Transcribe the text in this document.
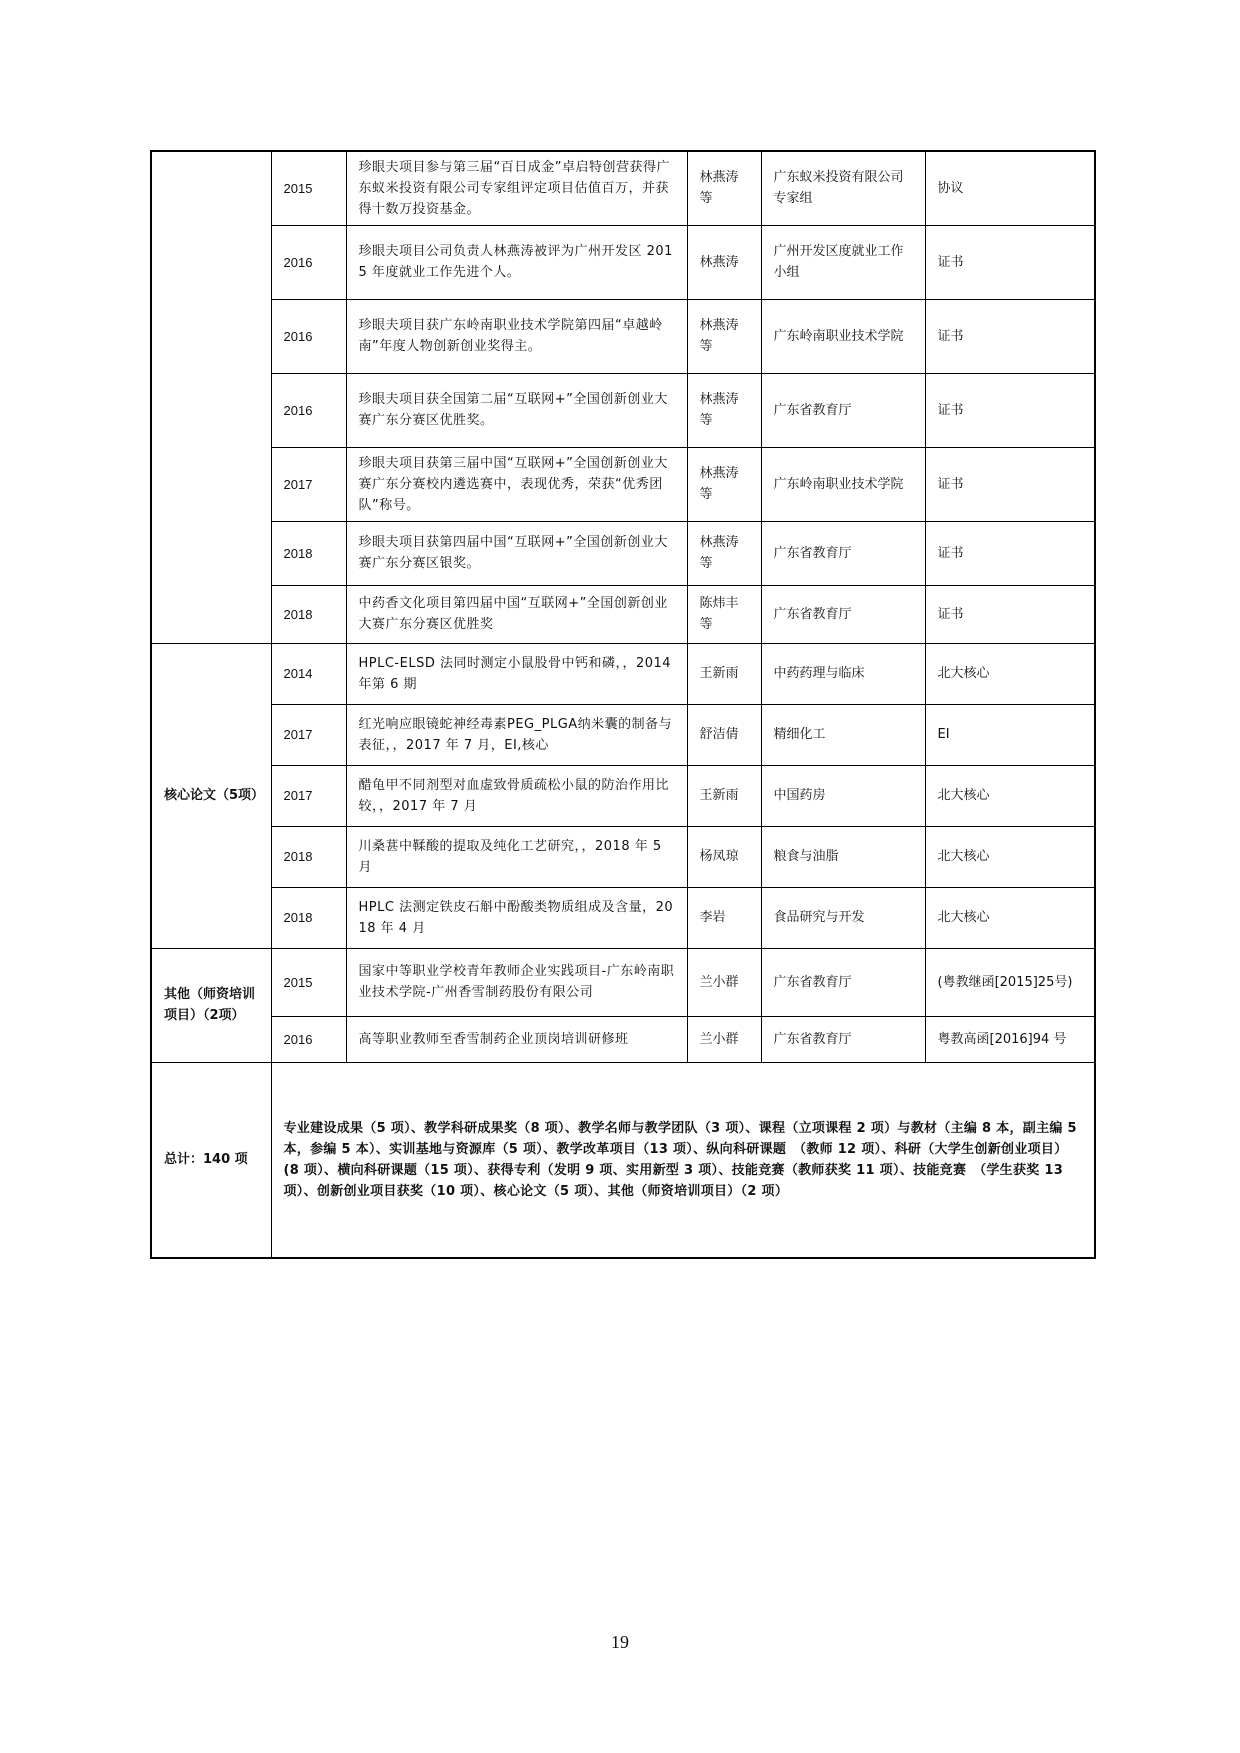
	2015	珍眼夫项目参与第三届“百日成金”卓启特创营获得广东蚁米投资有限公司专家组评定项目估值百万，并获得十数万投资基金。	林燕涛等	广东蚁米投资有限公司专家组	协议
	2016	珍眼夫项目公司负责人林燕涛被评为广州开发区 2015 年度就业工作先进个人。	林燕涛	广州开发区度就业工作小组	证书
	2016	珍眼夫项目获广东岭南职业技术学院第四届“卓越岭南”年度人物创新创业奖得主。	林燕涛等	广东岭南职业技术学院	证书
	2016	珍眼夫项目获全国第二届“互联网+”全国创新创业大赛广东分赛区优胜奖。	林燕涛等	广东省教育厅	证书
	2017	珍眼夫项目获第三届中国“互联网+”全国创新创业大赛广东分赛校内遴选赛中，表现优秀，荣获“优秀团队”称号。	林燕涛等	广东岭南职业技术学院	证书
	2018	珍眼夫项目获第四届中国“互联网+”全国创新创业大赛广东分赛区银奖。	林燕涛等	广东省教育厅	证书
	2018	中药香文化项目第四届中国“互联网+”全国创新创业大赛广东分赛区优胜奖	陈炜丰等	广东省教育厅	证书
核心论文（5项）	2014	HPLC-ELSD 法同时测定小鼠股骨中钙和磷，，2014 年第 6 期	王新雨	中药药理与临床	北大核心
	2017	红光响应眼镜蛇神经毒素PEG_PLGA纳米囊的制备与表征，，2017 年 7 月，EI,核心	舒洁倩	精细化工	EI
	2017	醋龟甲不同剂型对血虚致骨质疏松小鼠的防治作用比较，，2017 年 7 月	王新雨	中国药房	北大核心
	2018	川桑葚中鞣酸的提取及纯化工艺研究，，2018 年 5 月	杨凤琼	粮食与油脂	北大核心
	2018	HPLC 法测定铁皮石斛中酚酸类物质组成及含量，2018 年 4 月	李岩	食品研究与开发	北大核心
其他（师资培训项目）（2项）	2015	国家中等职业学校青年教师企业实践项目-广东岭南职业技术学院-广州香雪制药股份有限公司	兰小群	广东省教育厅	(粤教继函[2015]25号)
	2016	高等职业教师至香雪制药企业顶岗培训研修班	兰小群	广东省教育厅	粤教高函[2016]94 号
总计：140 项	专业建设成果（5 项）、教学科研成果奖（8 项）、教学名师与教学团队（3 项）、课程（立项课程 2 项）与教材（主编 8 本，副主编 5 本，参编 5 本）、实训基地与资源库（5 项）、教学改革项目（13 项）、纵向科研课题　（教师 12 项）、科研（大学生创新创业项目）(8 项）、横向科研课题（15 项）、获得专利（发明 9 项、实用新型 3 项）、技能竞赛（教师获奖 11 项）、技能竞赛　（学生获奖 13 项）、创新创业项目获奖（10 项）、核心论文（5 项）、其他（师资培训项目）（2 项）				
19
